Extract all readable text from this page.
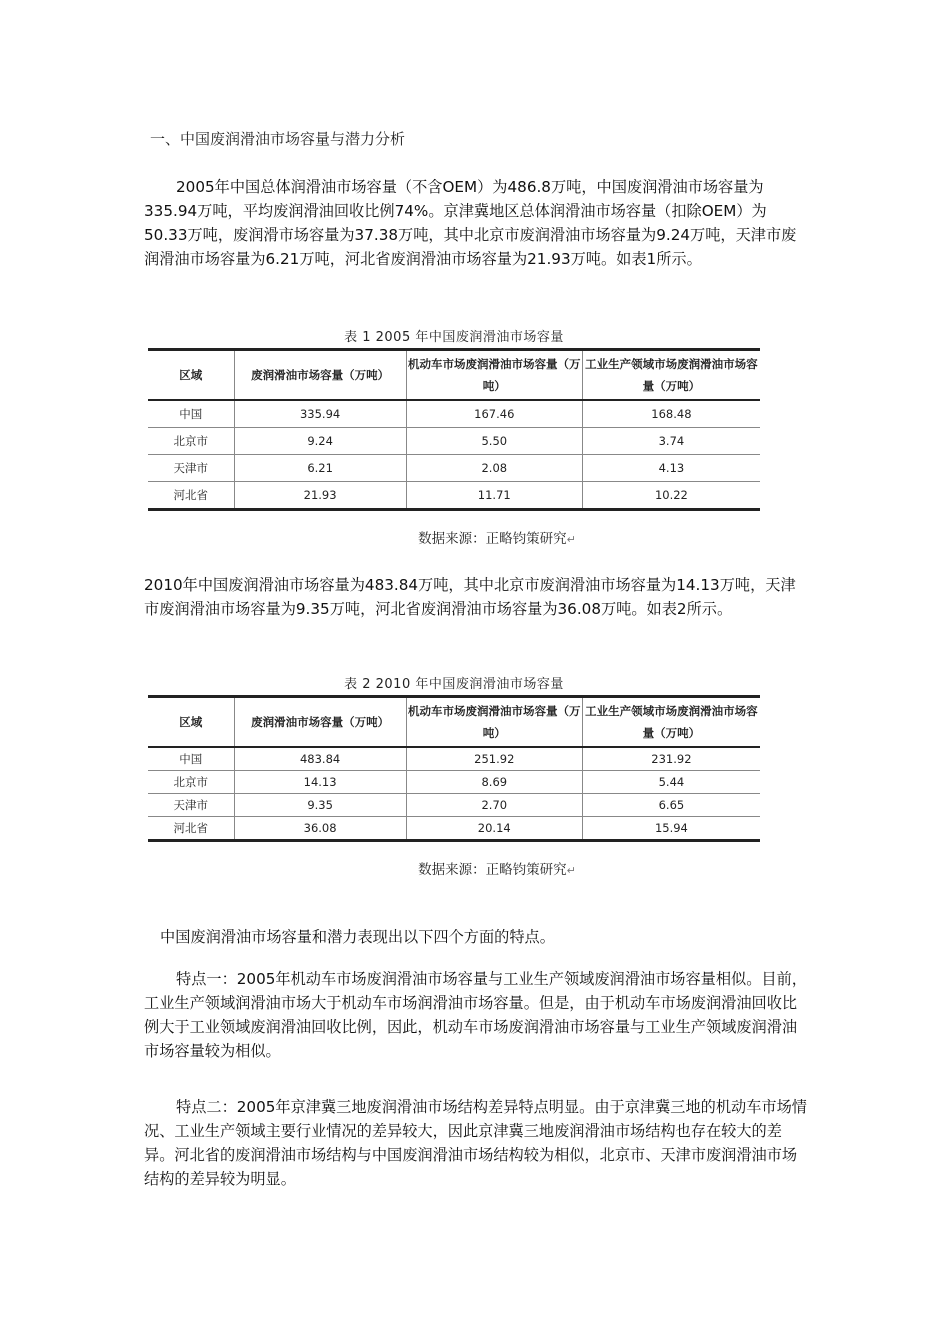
一、中国废润滑油市场容量与潜力分析
2005年中国总体润滑油市场容量（不含OEM）为486.8万吨，中国废润滑油市场容量为335.94万吨，平均废润滑油回收比例74%。京津冀地区总体润滑油市场容量（扣除OEM）为50.33万吨，废润滑市场容量为37.38万吨，其中北京市废润滑油市场容量为9.24万吨，天津市废润滑油市场容量为6.21万吨，河北省废润滑油市场容量为21.93万吨。如表1所示。
表 1 2005 年中国废润滑油市场容量
区域	废润滑油市场容量（万吨）	机动车市场废润滑油市场容量（万吨）	工业生产领域市场废润滑油市场容量（万吨）
中国	335.94	167.46	168.48
北京市	9.24	5.50	3.74
天津市	6.21	2.08	4.13
河北省	21.93	11.71	10.22
数据来源：正略钧策研究↵
2010年中国废润滑油市场容量为483.84万吨，其中北京市废润滑油市场容量为14.13万吨，天津市废润滑油市场容量为9.35万吨，河北省废润滑油市场容量为36.08万吨。如表2所示。
表 2 2010 年中国废润滑油市场容量
区域	废润滑油市场容量（万吨）	机动车市场废润滑油市场容量（万吨）	工业生产领域市场废润滑油市场容量（万吨）
中国	483.84	251.92	231.92
北京市	14.13	8.69	5.44
天津市	9.35	2.70	6.65
河北省	36.08	20.14	15.94
数据来源：正略钧策研究↵
中国废润滑油市场容量和潜力表现出以下四个方面的特点。
特点一：2005年机动车市场废润滑油市场容量与工业生产领域废润滑油市场容量相似。目前，工业生产领域润滑油市场大于机动车市场润滑油市场容量。但是，由于机动车市场废润滑油回收比例大于工业领域废润滑油回收比例，因此，机动车市场废润滑油市场容量与工业生产领域废润滑油市场容量较为相似。
特点二：2005年京津冀三地废润滑油市场结构差异特点明显。由于京津冀三地的机动车市场情况、工业生产领域主要行业情况的差异较大，因此京津冀三地废润滑油市场结构也存在较大的差异。河北省的废润滑油市场结构与中国废润滑油市场结构较为相似，北京市、天津市废润滑油市场结构的差异较为明显。
